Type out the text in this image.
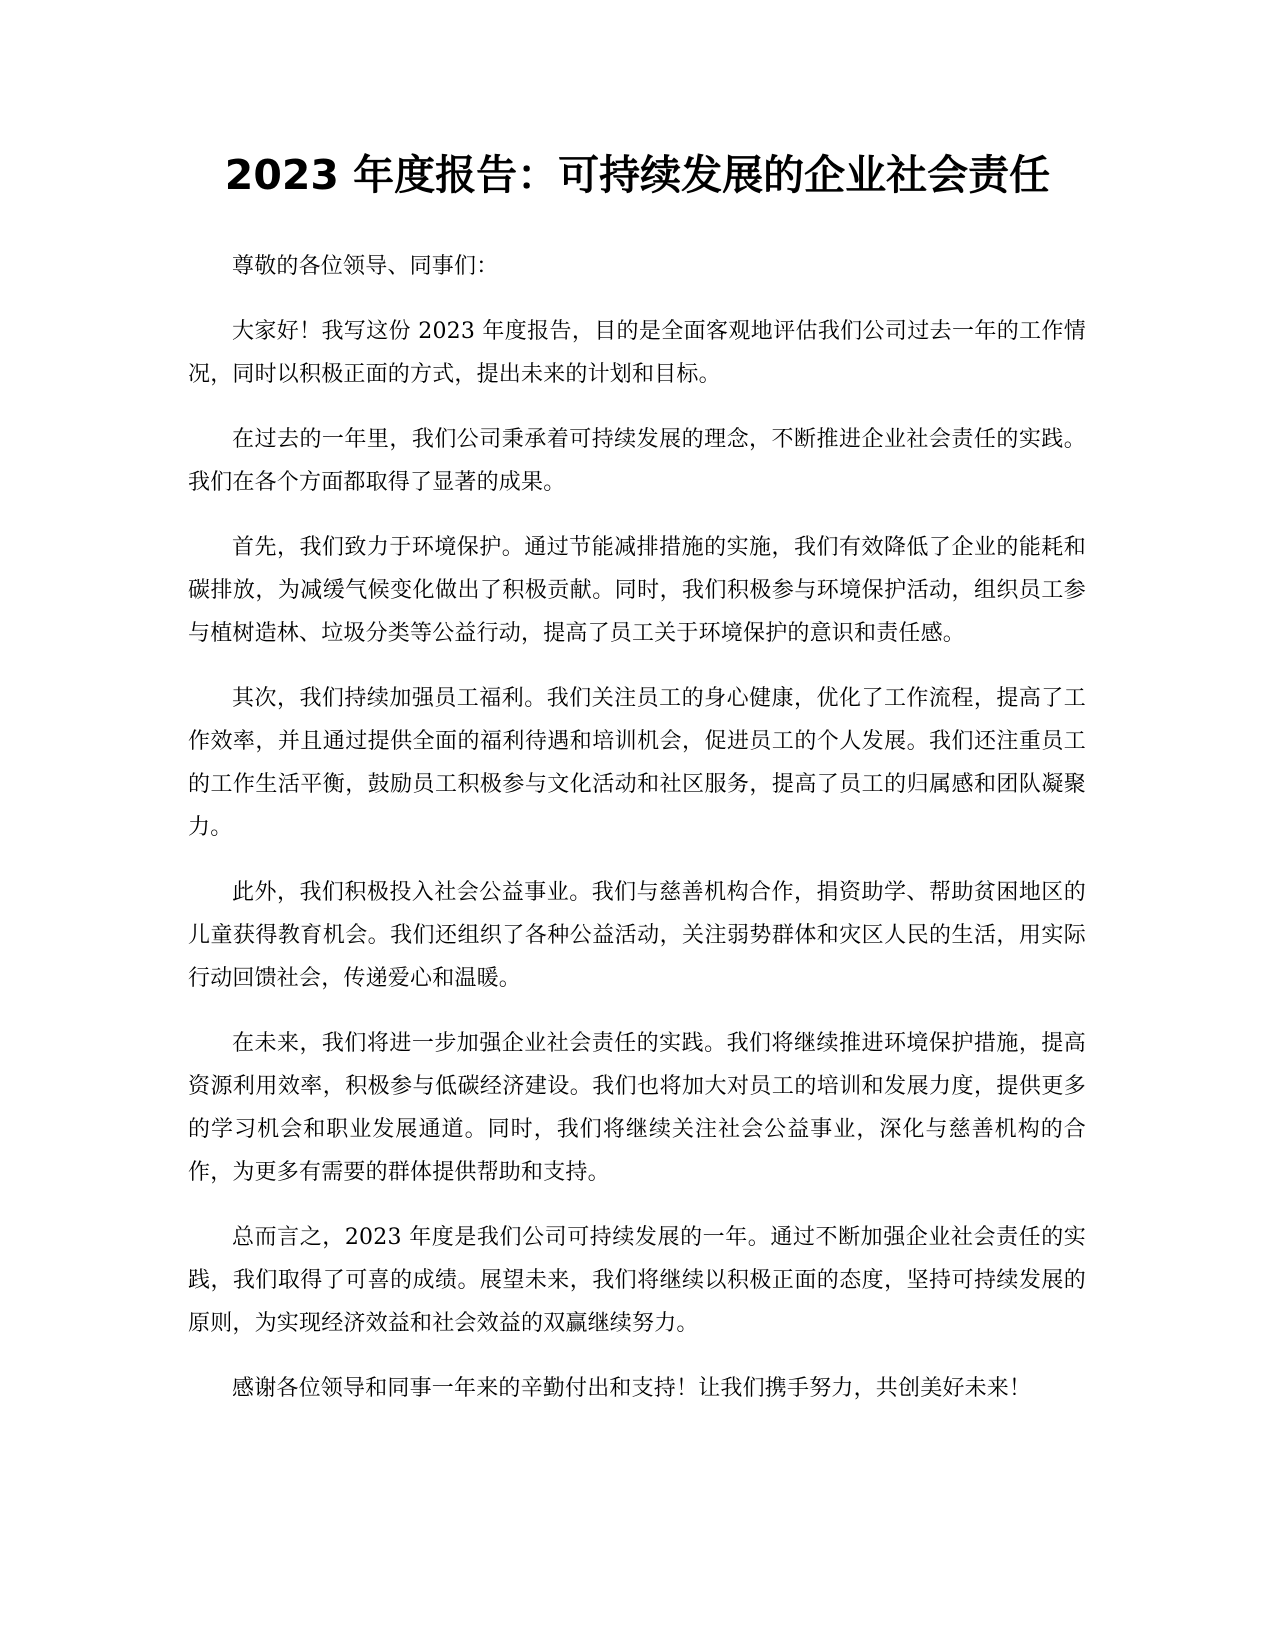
2023 年度报告：可持续发展的企业社会责任

尊敬的各位领导、同事们：

大家好！我写这份 2023 年度报告，目的是全面客观地评估我们公司过去一年的工作情况，同时以积极正面的方式，提出未来的计划和目标。

在过去的一年里，我们公司秉承着可持续发展的理念，不断推进企业社会责任的实践。我们在各个方面都取得了显著的成果。

首先，我们致力于环境保护。通过节能减排措施的实施，我们有效降低了企业的能耗和碳排放，为减缓气候变化做出了积极贡献。同时，我们积极参与环境保护活动，组织员工参与植树造林、垃圾分类等公益行动，提高了员工关于环境保护的意识和责任感。

其次，我们持续加强员工福利。我们关注员工的身心健康，优化了工作流程，提高了工作效率，并且通过提供全面的福利待遇和培训机会，促进员工的个人发展。我们还注重员工的工作生活平衡，鼓励员工积极参与文化活动和社区服务，提高了员工的归属感和团队凝聚力。

此外，我们积极投入社会公益事业。我们与慈善机构合作，捐资助学、帮助贫困地区的儿童获得教育机会。我们还组织了各种公益活动，关注弱势群体和灾区人民的生活，用实际行动回馈社会，传递爱心和温暖。

在未来，我们将进一步加强企业社会责任的实践。我们将继续推进环境保护措施，提高资源利用效率，积极参与低碳经济建设。我们也将加大对员工的培训和发展力度，提供更多的学习机会和职业发展通道。同时，我们将继续关注社会公益事业，深化与慈善机构的合作，为更多有需要的群体提供帮助和支持。

总而言之，2023 年度是我们公司可持续发展的一年。通过不断加强企业社会责任的实践，我们取得了可喜的成绩。展望未来，我们将继续以积极正面的态度，坚持可持续发展的原则，为实现经济效益和社会效益的双赢继续努力。

感谢各位领导和同事一年来的辛勤付出和支持！让我们携手努力，共创美好未来！
